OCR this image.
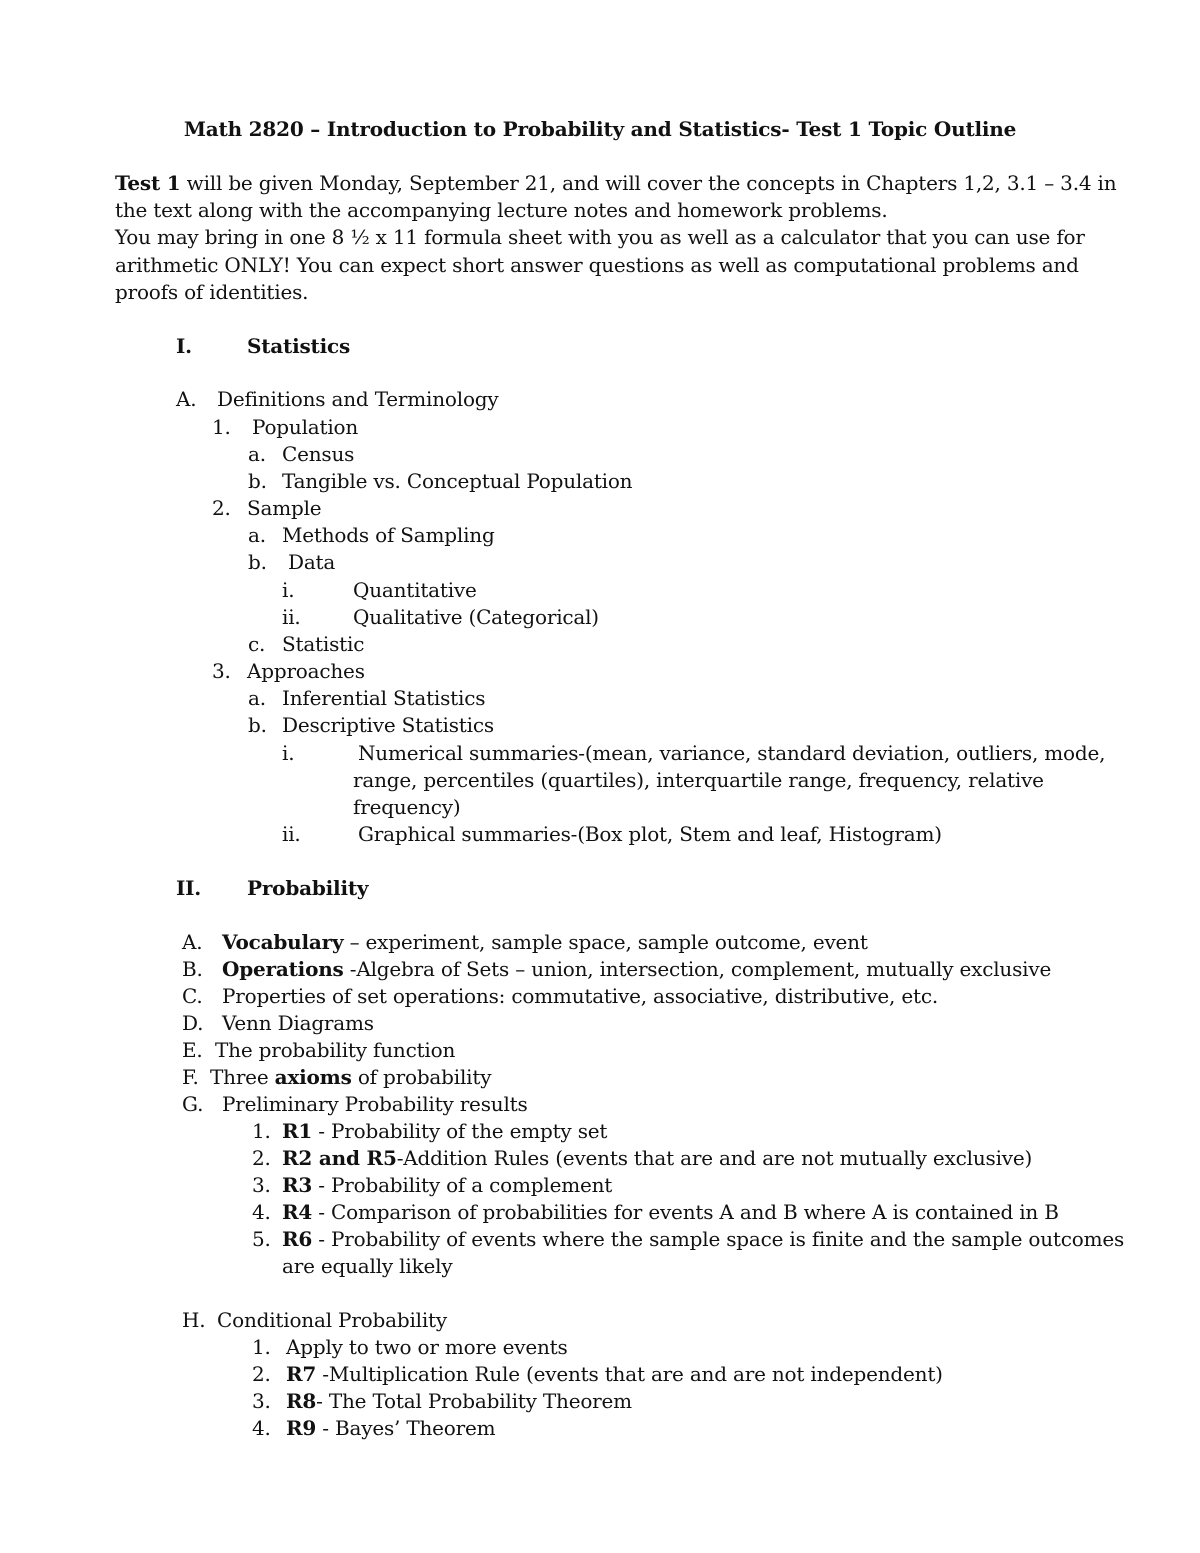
Math 2820 – Introduction to Probability and Statistics- Test 1 Topic Outline
Test 1 will be given Monday, September 21, and will cover the concepts in Chapters 1,2, 3.1 – 3.4 in
the text along with the accompanying lecture notes and homework problems.
You may bring in one 8 ½ x 11 formula sheet with you as well as a calculator that you can use for
arithmetic ONLY! You can expect short answer questions as well as computational problems and
proofs of identities.
I.	Statistics
A. Definitions and Terminology
1. Population
a. Census
b. Tangible vs. Conceptual Population
2. Sample
a. Methods of Sampling
b. Data
i.	Quantitative
ii.	Qualitative (Categorical)
c. Statistic
3. Approaches
a. Inferential Statistics
b. Descriptive Statistics
i.	Numerical summaries-(mean, variance, standard deviation, outliers, mode,
range, percentiles (quartiles), interquartile range, frequency, relative
frequency)
ii.	Graphical summaries-(Box plot, Stem and leaf, Histogram)
II. Probability
A. Vocabulary – experiment, sample space, sample outcome, event
B. Operations -Algebra of Sets – union, intersection, complement, mutually exclusive
C. Properties of set operations: commutative, associative, distributive, etc.
D. Venn Diagrams
E. The probability function
F. Three axioms of probability
G. Preliminary Probability results
1. R1 - Probability of the empty set
2. R2 and R5-Addition Rules (events that are and are not mutually exclusive)
3. R3 - Probability of a complement
4. R4 - Comparison of probabilities for events A and B where A is contained in B
5. R6 - Probability of events where the sample space is finite and the sample outcomes
are equally likely
H. Conditional Probability
1. Apply to two or more events
2. R7 -Multiplication Rule (events that are and are not independent)
3. R8- The Total Probability Theorem
4. R9 - Bayes’ Theorem
